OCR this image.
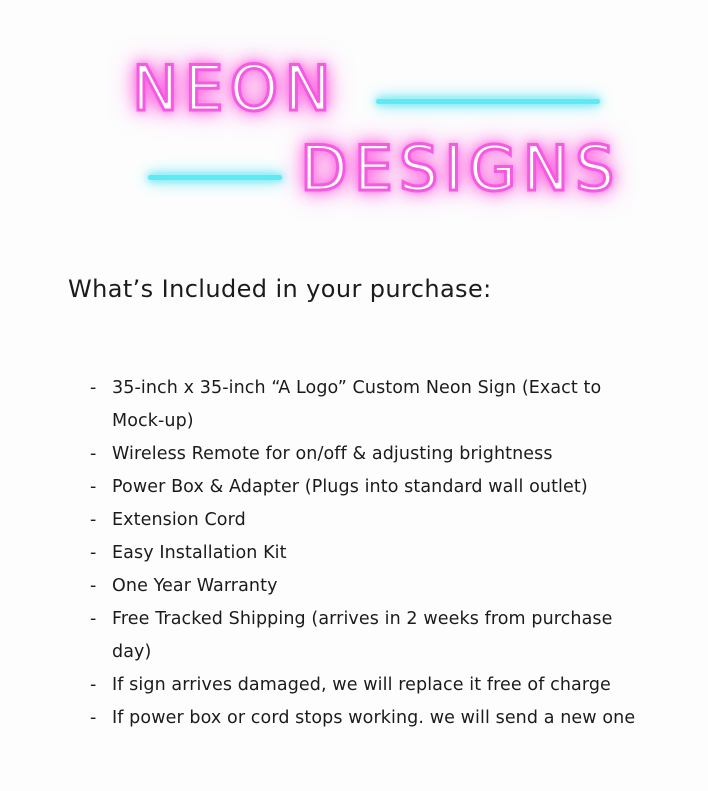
NEON
DESIGNS
What’s Included in your purchase:
- 35-inch x 35-inch “A Logo” Custom Neon Sign (Exact to Mock-up)
- Wireless Remote for on/off & adjusting brightness
- Power Box & Adapter (Plugs into standard wall outlet)
- Extension Cord
- Easy Installation Kit
- One Year Warranty
- Free Tracked Shipping (arrives in 2 weeks from purchase day)
- If sign arrives damaged, we will replace it free of charge
- If power box or cord stops working. we will send a new one
